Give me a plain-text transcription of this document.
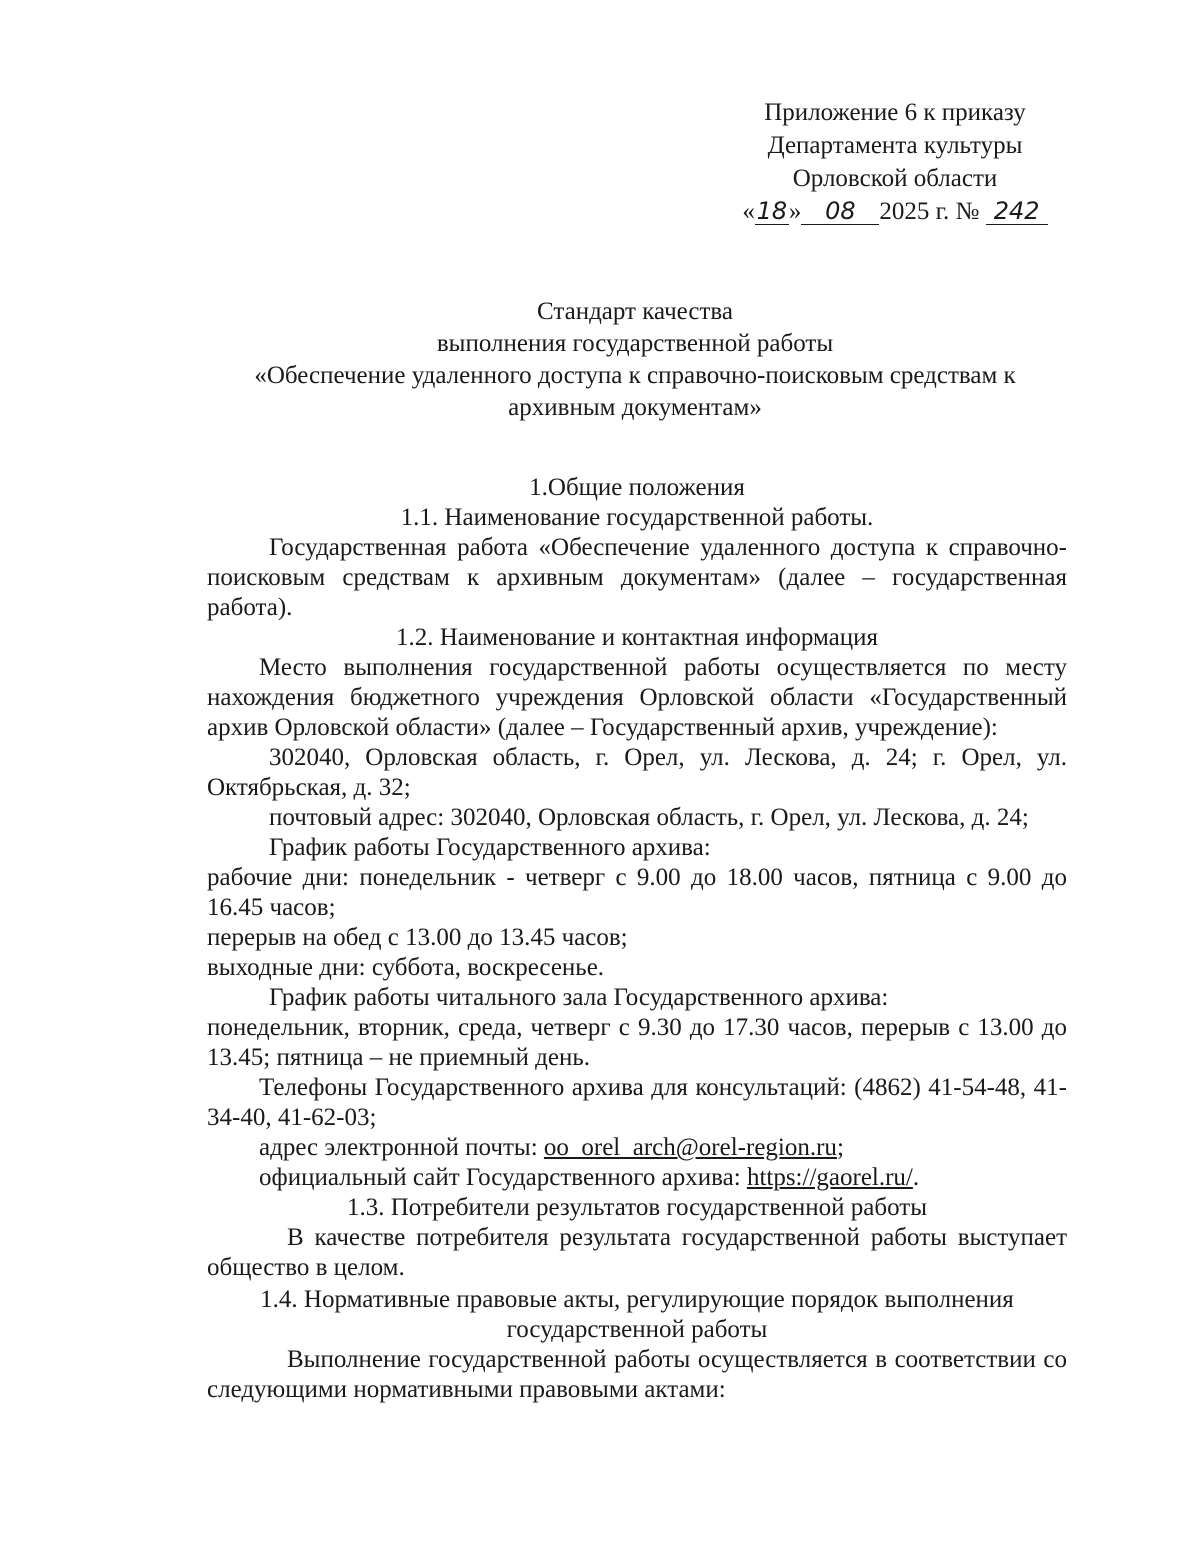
Приложение 6 к приказу
Департамента культуры
Орловской области
«18» 08 2025 г. № 242
Стандарт качества
выполнения государственной работы
«Обеспечение удаленного доступа к справочно-поисковым средствам к
архивным документам»

1.Общие положения

1.1. Наименование государственной работы.

Государственная работа «Обеспечение удаленного доступа к справочно-поисковым средствам к архивным документам» (далее – государственная работа).

1.2. Наименование и контактная информация

Место выполнения государственной работы осуществляется по месту нахождения бюджетного учреждения Орловской области «Государственный архив Орловской области» (далее – Государственный архив, учреждение):

302040, Орловская область, г. Орел, ул. Лескова, д. 24; г. Орел, ул. Октябрьская, д. 32;

почтовый адрес: 302040, Орловская область, г. Орел, ул. Лескова, д. 24;

График работы Государственного архива:

рабочие дни: понедельник - четверг с 9.00 до 18.00 часов, пятница с 9.00 до 16.45 часов;

перерыв на обед с 13.00 до 13.45 часов;

выходные дни: суббота, воскресенье.

График работы читального зала Государственного архива:

понедельник, вторник, среда, четверг с 9.30 до 17.30 часов, перерыв с 13.00 до 13.45; пятница – не приемный день.

Телефоны Государственного архива для консультаций: (4862) 41-54-48, 41-34-40, 41-62-03;

адрес электронной почты: oo_orel_arch@orel-region.ru;

официальный сайт Государственного архива: https://gaorel.ru/.

1.3. Потребители результатов государственной работы

В качестве потребителя результата государственной работы выступает общество в целом.

1.4. Нормативные правовые акты, регулирующие порядок выполнения

государственной работы

Выполнение государственной работы осуществляется в соответствии со следующими нормативными правовыми актами:
